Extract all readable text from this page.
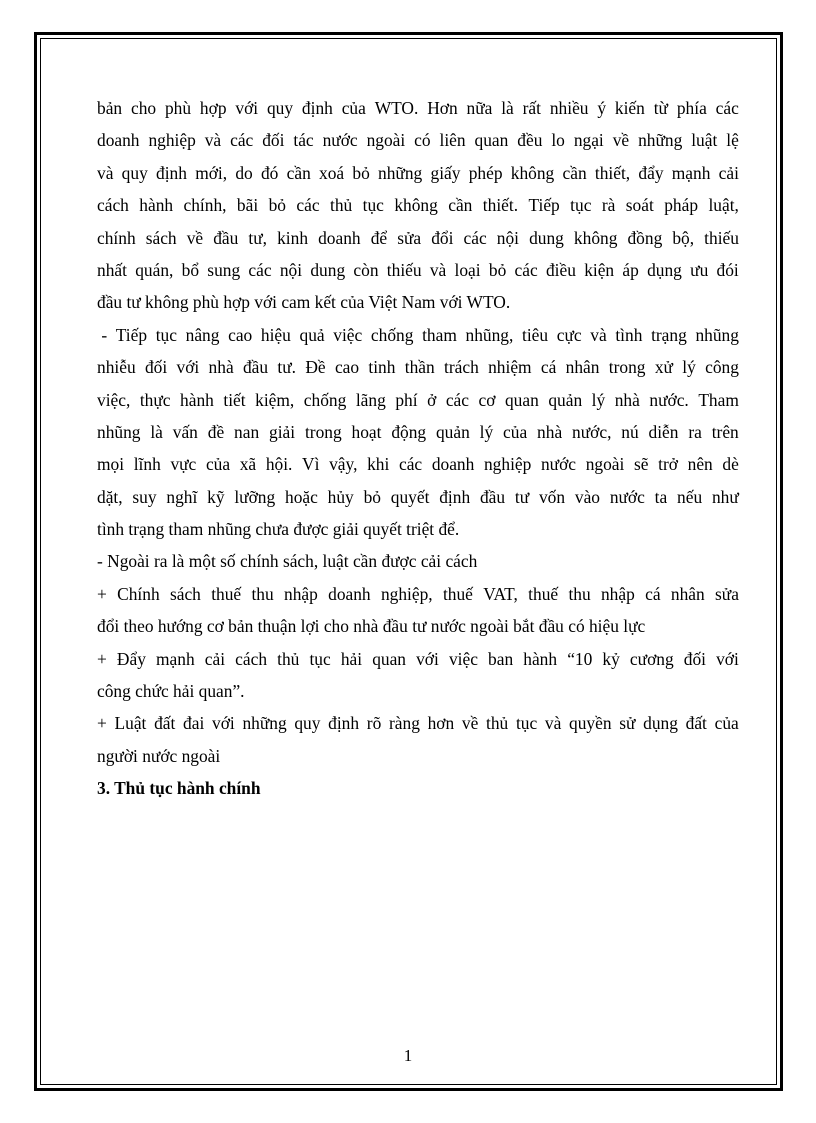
bản cho phù hợp với quy định của WTO. Hơn nữa là rất nhiều ý kiến từ phía các
doanh nghiệp và các đối tác nước ngoài có liên quan đều lo ngại về những luật lệ
và quy định mới, do đó cần xoá bỏ những giấy phép không cần thiết, đẩy mạnh cải
cách hành chính, bãi bỏ các thủ tục không cần thiết. Tiếp tục rà soát pháp luật,
chính sách về đầu tư, kinh doanh để sửa đổi các nội dung không đồng bộ, thiếu
nhất quán, bổ sung các nội dung còn thiếu và loại bỏ các điều kiện áp dụng ưu đói
đầu tư không phù hợp với cam kết của Việt Nam với WTO.
- Tiếp tục nâng cao hiệu quả việc chống tham nhũng, tiêu cực và tình trạng nhũng
nhiễu đối với nhà đầu tư. Đề cao tinh thần trách nhiệm cá nhân trong xử lý công
việc, thực hành tiết kiệm, chống lãng phí ở các cơ quan quản lý nhà nước. Tham
nhũng là vấn đề nan giải trong hoạt động quản lý của nhà nước, nú diễn ra trên
mọi lĩnh vực của xã hội. Vì vậy, khi các doanh nghiệp nước ngoài sẽ trở nên dè
dặt, suy nghĩ kỹ lưỡng hoặc hủy bỏ quyết định đầu tư vốn vào nước ta nếu như
tình trạng tham nhũng chưa được giải quyết triệt để.
- Ngoài ra là một số chính sách, luật cần được cải cách
+ Chính sách thuế thu nhập doanh nghiệp, thuế VAT, thuế thu nhập cá nhân sửa
đổi theo hướng cơ bản thuận lợi cho nhà đầu tư nước ngoài bắt đầu có hiệu lực
+ Đẩy mạnh cải cách thủ tục hải quan với việc ban hành “10 kỷ cương đối với
công chức hải quan”.
+ Luật đất đai với những quy định rõ ràng hơn về thủ tục và quyền sử dụng đất của
người nước ngoài
3. Thủ tục hành chính
1
